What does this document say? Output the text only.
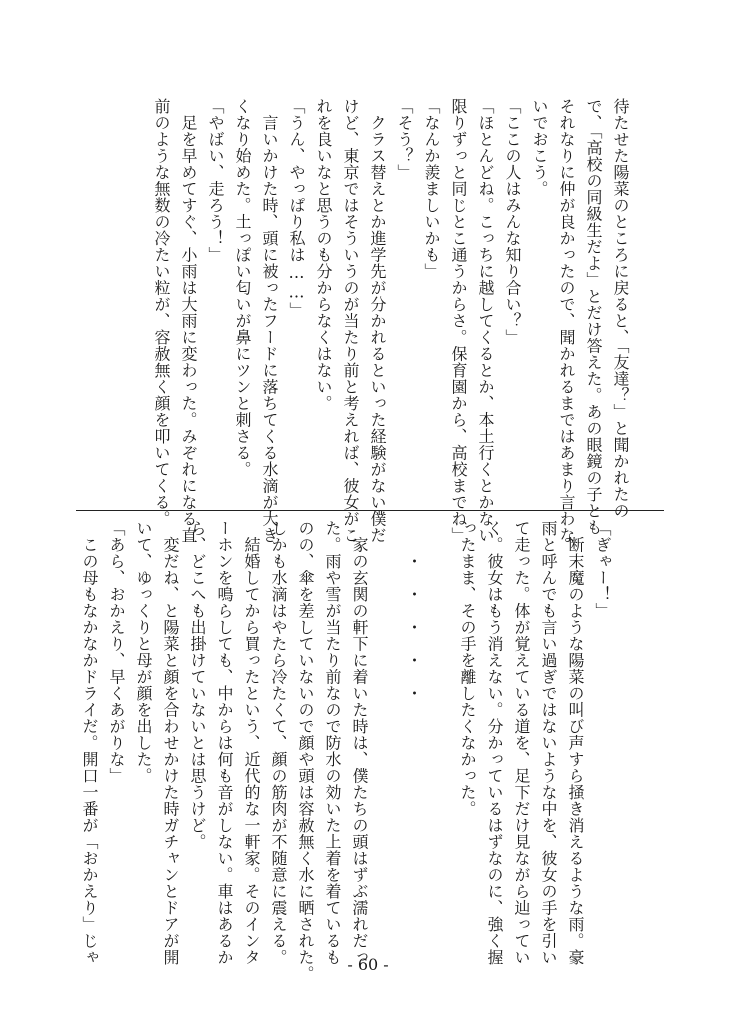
待たせた陽菜のところに戻ると、「友達？」と聞かれたの

で、「高校の同級生だよ」とだけ答えた。あの眼鏡の子とも

それなりに仲が良かったので、聞かれるまではあまり言わな

いでおこう。

「ここの人はみんな知り合い？」

「ほとんどね。こっちに越してくるとか、本土行くとかない

限りずっと同じとこ通うからさ。保育園から、高校までね」

「なんか羨ましいかも」

「そう？」

　クラス替えとか進学先が分かれるといった経験がない僕だ

けど、東京ではそういうのが当たり前と考えれば、彼女がこ

れを良いなと思うのも分からなくはない。

「うん、やっぱり私は……」

　言いかけた時、頭に被ったフードに落ちてくる水滴が大き

くなり始めた。土っぽい匂いが鼻にツンと刺さる。

「やばい、走ろう！」

　足を早めてすぐ、小雨は大雨に変わった。みぞれになる直

前のような無数の冷たい粒が、容赦無く顔を叩いてくる。

「ぎゃー！」

　断末魔のような陽菜の叫び声すら掻き消えるような雨。豪

雨と呼んでも言い過ぎではないような中を、彼女の手を引い

て走った。体が覚えている道を、足下だけ見ながら辿ってい

く。彼女はもう消えない。分かっているはずなのに、強く握

ったまま、その手を離したくなかった。

　　・　・　・　・　・

　家の玄関の軒下に着いた時は、僕たちの頭はずぶ濡れだっ

た。雨や雪が当たり前なので防水の効いた上着を着ているも

のの、傘を差していないので顔や頭は容赦無く水に晒された。

しかも水滴はやたら冷たくて、顔の筋肉が不随意に震える。

　結婚してから買ったという、近代的な一軒家。そのインタ

ーホンを鳴らしても、中からは何も音がしない。車はあるか

ら、どこへも出掛けていないとは思うけど。

　変だね、と陽菜と顔を合わせかけた時ガチャンとドアが開

いて、ゆっくりと母が顔を出した。

「あら、おかえり、早くあがりな」

　この母もなかなかドライだ。開口一番が「おかえり」じゃ	- 60 -
